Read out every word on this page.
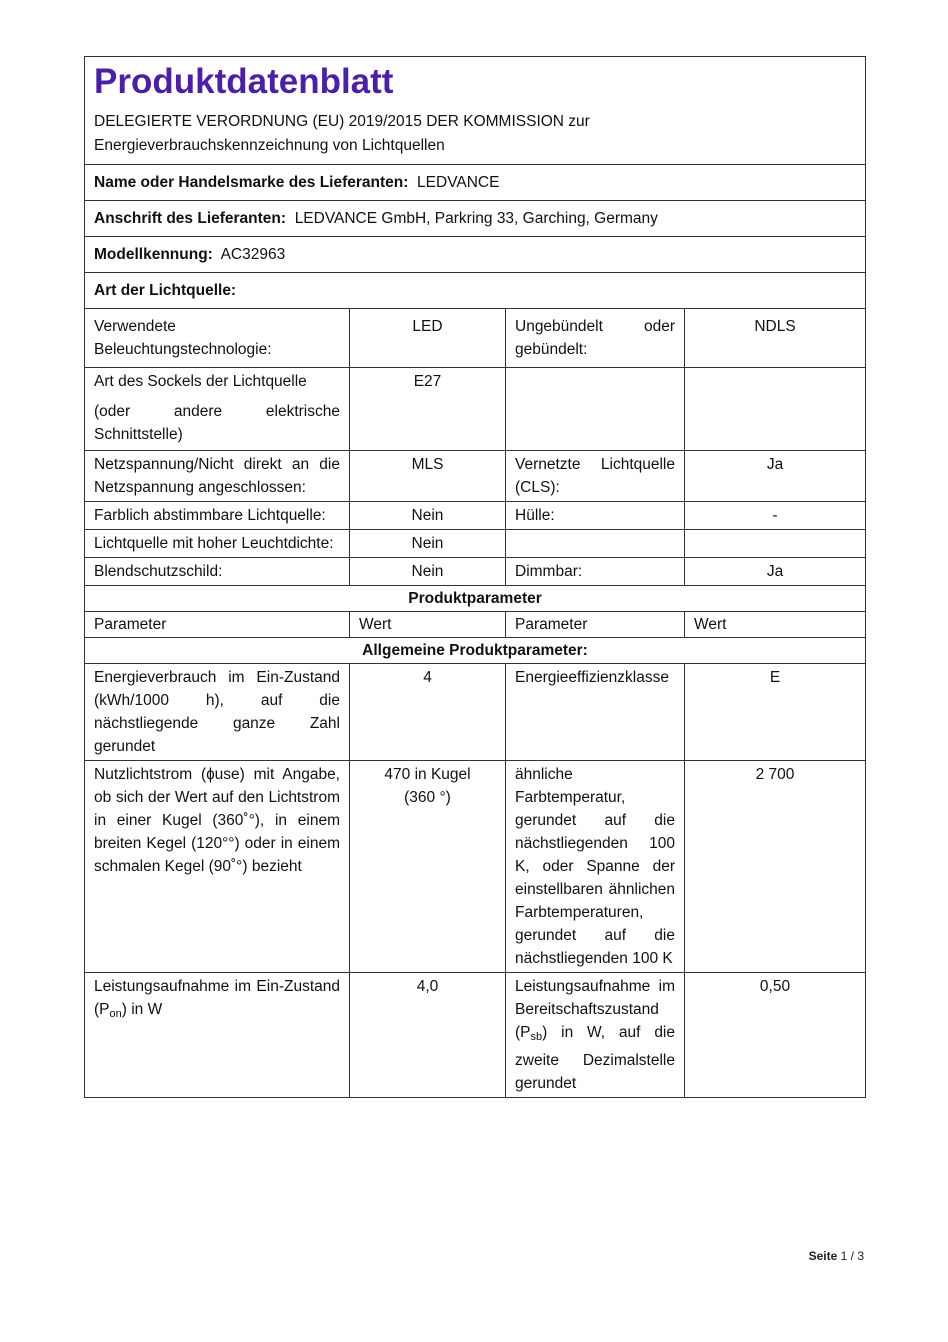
Produktdatenblatt
DELEGIERTE VERORDNUNG (EU) 2019/2015 DER KOMMISSION zur
Energieverbrauchskennzeichnung von Lichtquellen			

Name oder Handelsmarke des Lieferanten: LEDVANCE			
Anschrift des Lieferanten: LEDVANCE GmbH, Parkring 33, Garching, Germany			
Modellkennung: AC32963			
Art der Lichtquelle:			
Verwendete Beleuchtungstechnologie:	LED	Ungebündelt oder gebündelt:	NDLS

Art des Sockels der Lichtquelle
(oder andere elektrische Schnittstelle)	E27		
Netzspannung/Nicht direkt an die Netzspannung angeschlossen:	MLS	Vernetzte Lichtquelle (CLS):	Ja
Farblich abstimmbare Lichtquelle:	Nein	Hülle:	-
Lichtquelle mit hoher Leuchtdichte:	Nein		
Blendschutzschild:	Nein	Dimmbar:	Ja
Produktparameter			
Parameter	Wert	Parameter	Wert
Allgemeine Produktparameter:			
Energieverbrauch im Ein-Zustand (kWh/1000 h), auf die nächstliegende ganze Zahl gerundet	4	Energieeffizienzklasse	E
Nutzlichtstrom (ɸuse) mit Angabe, ob sich der Wert auf den Lichtstrom in einer Kugel (360˚°), in einem breiten Kegel (120°°) oder in einem schmalen Kegel (90˚°) bezieht	470 in Kugel (360 °)	ähnliche Farbtemperatur, gerundet auf die nächstliegenden 100 K, oder Spanne der einstellbaren ähnlichen Farbtemperaturen, gerundet auf die nächstliegenden 100 K	2 700
Leistungsaufnahme im Ein-Zustand (Pon) in W	4,0	Leistungsaufnahme im Bereitschaftszustand (Psb) in W, auf die zweite Dezimalstelle gerundet	0,50
Seite 1 / 3
